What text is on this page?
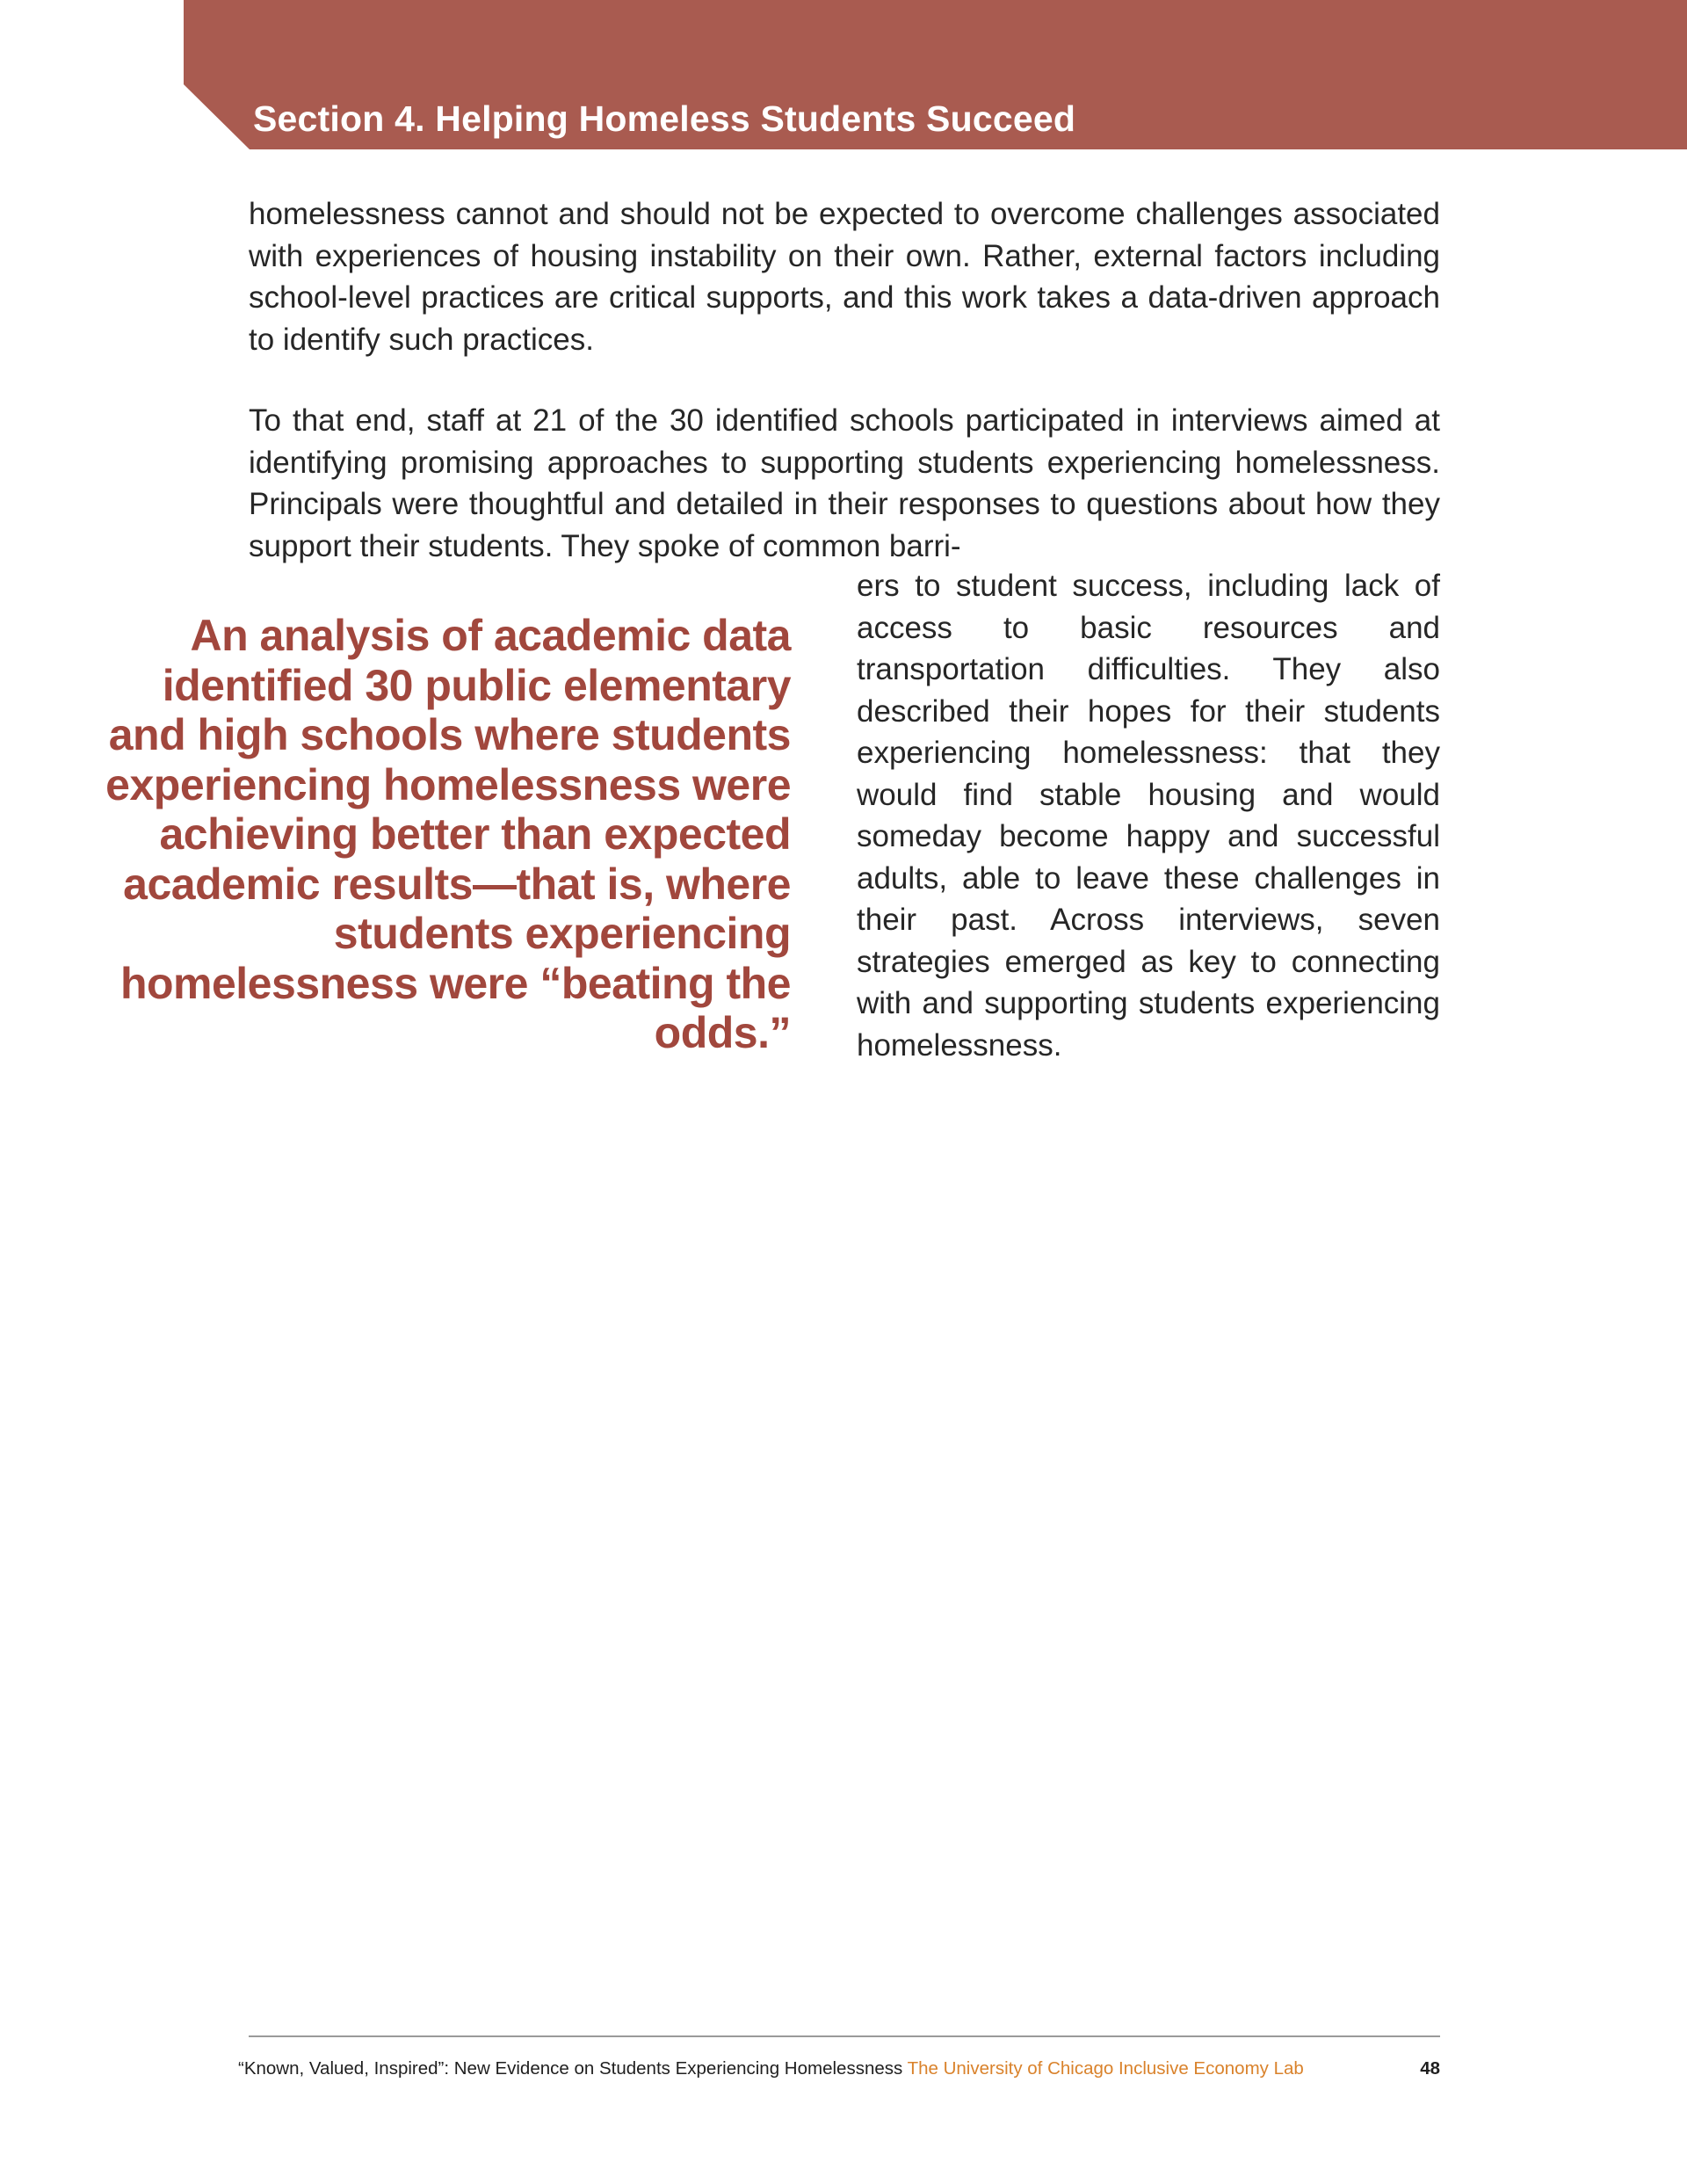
Section 4. Helping Homeless Students Succeed

homelessness cannot and should not be expected to overcome challenges associated with experiences of housing instability on their own. Rather, external factors including school-level practices are critical supports, and this work takes a data-driven approach to identify such practices.

To that end, staff at 21 of the 30 identified schools participated in interviews aimed at identifying promising approaches to supporting students experiencing homelessness. Principals were thoughtful and detailed in their responses to questions about how they support their students. They spoke of common barri-

ers to student success, including lack of access to basic resources and transportation difficulties. They also described their hopes for their students experiencing homelessness: that they would find stable housing and would someday become happy and successful adults, able to leave these challenges in their past. Across interviews, seven strategies emerged as key to connecting with and supporting students experiencing homelessness.

An analysis of academic data identified 30 public elementary and high schools where students experiencing homelessness were achieving better than expected academic results—that is, where students experiencing homelessness were “beating the odds.”
“Known, Valued, Inspired”: New Evidence on Students Experiencing Homelessness The University of Chicago Inclusive Economy Lab	48
